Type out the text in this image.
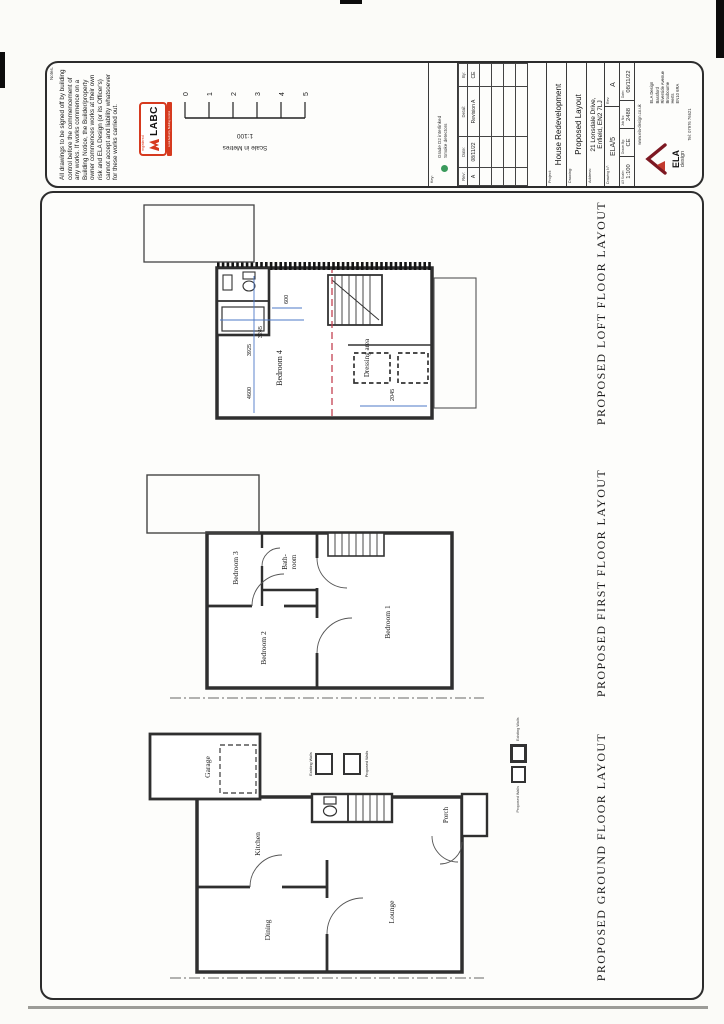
Existing Walls	Proposed Walls
Garage
Kitchen
Dining
Lounge
Porch
Bedroom 3	Bath- room
Bedroom 2
Bedroom 1
3245
600
3925
4600	2045
Bedroom 4	Dressing area
Proposed Walls
Existing Walls
PROPOSED GROUND FLOOR LAYOUT
PROPOSED FIRST FLOOR LAYOUT
PROPOSED LOFT FLOOR LAYOUT
Notes. All drawings to be signed off by building control before the commencement of any works. If works commence on a Building Notice, the Builder/property owner commences works at their own risk and ELA Design (or its Officer's) cannot accept and liability whatsoever for these works carried out.	registered
LABC	Local Authority Building Control
0 1 2 3 4 5
1:100
Scale in Metres
Key:
Grade D2 interlinked Smoke detectors
Rev:	Date:	Detail:	By:
A	08/11/22	Revision A	CE

Project:
House Redevelopment
Drawing:
Proposed Layout
Address:
21 Lonsdale Drive, Enfield, EN2 7LJ
Drawing N°:
ELA/5
Rev:
A
A3 Scale: 1:100
Drawn By: CE
Job No: 2488
Date:
08/11/22
www.ela-design.co.uk
ELA design
ELA Design Bassford Riverside Avenue Broxbourne Herts EN10 6RA
Tel: 07976 76621
